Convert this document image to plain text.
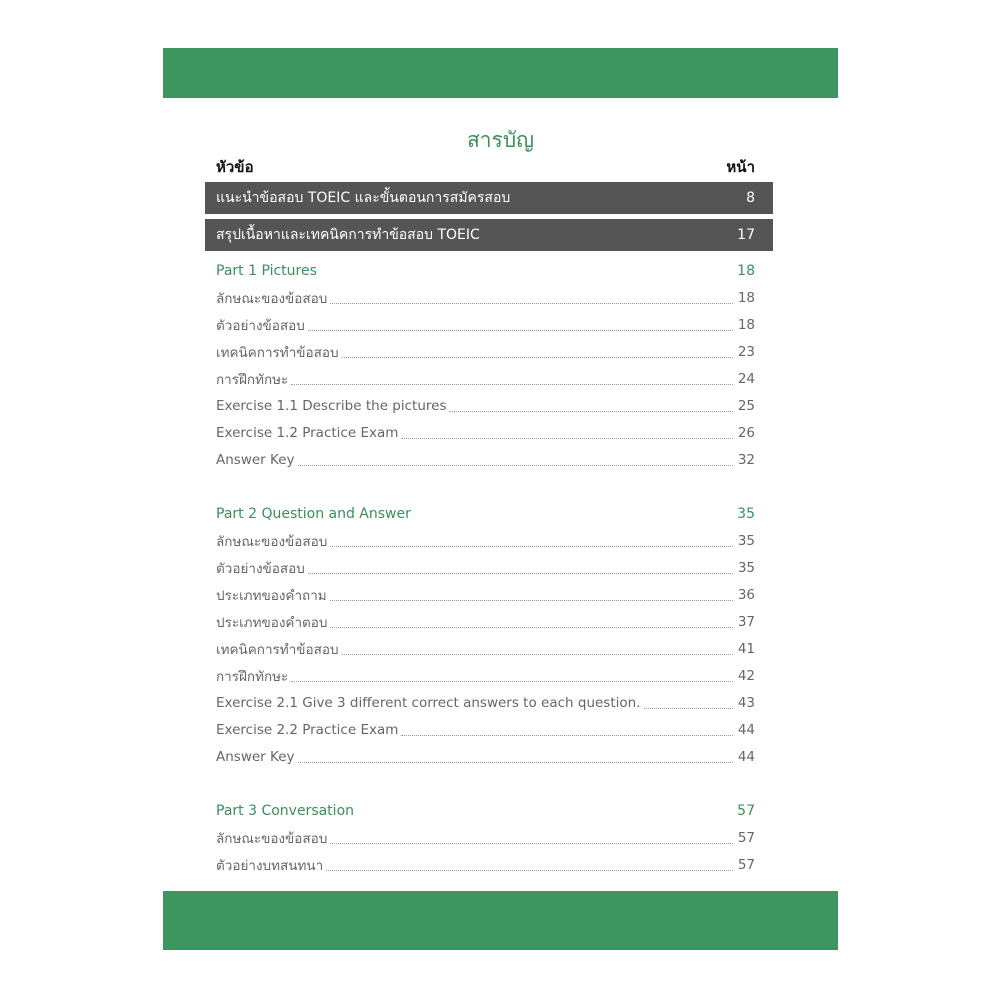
สารบัญ
หัวข้อ	หน้า
แนะนำข้อสอบ TOEIC และขั้นตอนการสมัครสอบ	8
สรุปเนื้อหาและเทคนิคการทำข้อสอบ TOEIC	17
Part 1 Pictures	18
ลักษณะของข้อสอบ	18
ตัวอย่างข้อสอบ	18
เทคนิคการทำข้อสอบ	23
การฝึกทักษะ	24
Exercise 1.1 Describe the pictures	25
Exercise 1.2 Practice Exam	26
Answer Key	32
Part 2 Question and Answer	35
ลักษณะของข้อสอบ	35
ตัวอย่างข้อสอบ	35
ประเภทของคำถาม	36
ประเภทของคำตอบ	37
เทคนิคการทำข้อสอบ	41
การฝึกทักษะ	42
Exercise 2.1 Give 3 different correct answers to each question.	43
Exercise 2.2 Practice Exam	44
Answer Key	44
Part 3 Conversation	57
ลักษณะของข้อสอบ	57
ตัวอย่างบทสนทนา	57
